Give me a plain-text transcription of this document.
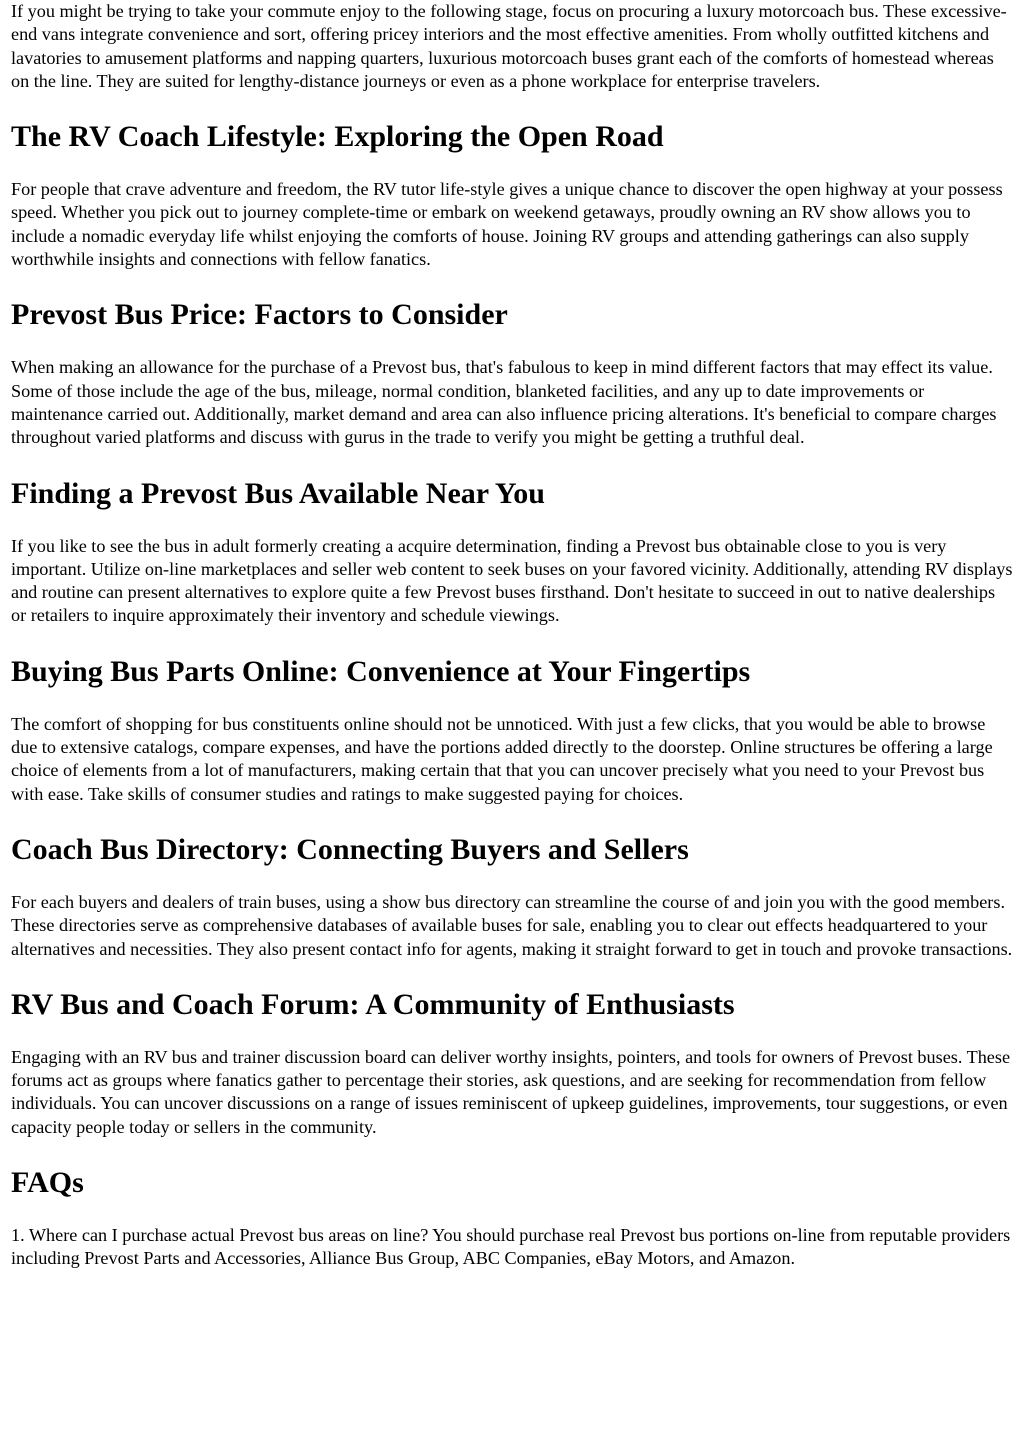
If you might be trying to take your commute enjoy to the following stage, focus on procuring a luxury motorcoach bus. These excessive-end vans integrate convenience and sort, offering pricey interiors and the most effective amenities. From wholly outfitted kitchens and lavatories to amusement platforms and napping quarters, luxurious motorcoach buses grant each of the comforts of homestead whereas on the line. They are suited for lengthy-distance journeys or even as a phone workplace for enterprise travelers.

The RV Coach Lifestyle: Exploring the Open Road

For people that crave adventure and freedom, the RV tutor life-style gives a unique chance to discover the open highway at your possess speed. Whether you pick out to journey complete-time or embark on weekend getaways, proudly owning an RV show allows you to include a nomadic everyday life whilst enjoying the comforts of house. Joining RV groups and attending gatherings can also supply worthwhile insights and connections with fellow fanatics.

Prevost Bus Price: Factors to Consider

When making an allowance for the purchase of a Prevost bus, that's fabulous to keep in mind different factors that may effect its value. Some of those include the age of the bus, mileage, normal condition, blanketed facilities, and any up to date improvements or maintenance carried out. Additionally, market demand and area can also influence pricing alterations. It's beneficial to compare charges throughout varied platforms and discuss with gurus in the trade to verify you might be getting a truthful deal.

Finding a Prevost Bus Available Near You

If you like to see the bus in adult formerly creating a acquire determination, finding a Prevost bus obtainable close to you is very important. Utilize on-line marketplaces and seller web content to seek buses on your favored vicinity. Additionally, attending RV displays and routine can present alternatives to explore quite a few Prevost buses firsthand. Don't hesitate to succeed in out to native dealerships or retailers to inquire approximately their inventory and schedule viewings.

Buying Bus Parts Online: Convenience at Your Fingertips

The comfort of shopping for bus constituents online should not be unnoticed. With just a few clicks, that you would be able to browse due to extensive catalogs, compare expenses, and have the portions added directly to the doorstep. Online structures be offering a large choice of elements from a lot of manufacturers, making certain that that you can uncover precisely what you need to your Prevost bus with ease. Take skills of consumer studies and ratings to make suggested paying for choices.

Coach Bus Directory: Connecting Buyers and Sellers

For each buyers and dealers of train buses, using a show bus directory can streamline the course of and join you with the good members. These directories serve as comprehensive databases of available buses for sale, enabling you to clear out effects headquartered to your alternatives and necessities. They also present contact info for agents, making it straight forward to get in touch and provoke transactions.

RV Bus and Coach Forum: A Community of Enthusiasts

Engaging with an RV bus and trainer discussion board can deliver worthy insights, pointers, and tools for owners of Prevost buses. These forums act as groups where fanatics gather to percentage their stories, ask questions, and are seeking for recommendation from fellow individuals. You can uncover discussions on a range of issues reminiscent of upkeep guidelines, improvements, tour suggestions, or even capacity people today or sellers in the community.

FAQs

1. Where can I purchase actual Prevost bus areas on line? You should purchase real Prevost bus portions on-line from reputable providers including Prevost Parts and Accessories, Alliance Bus Group, ABC Companies, eBay Motors, and Amazon.
